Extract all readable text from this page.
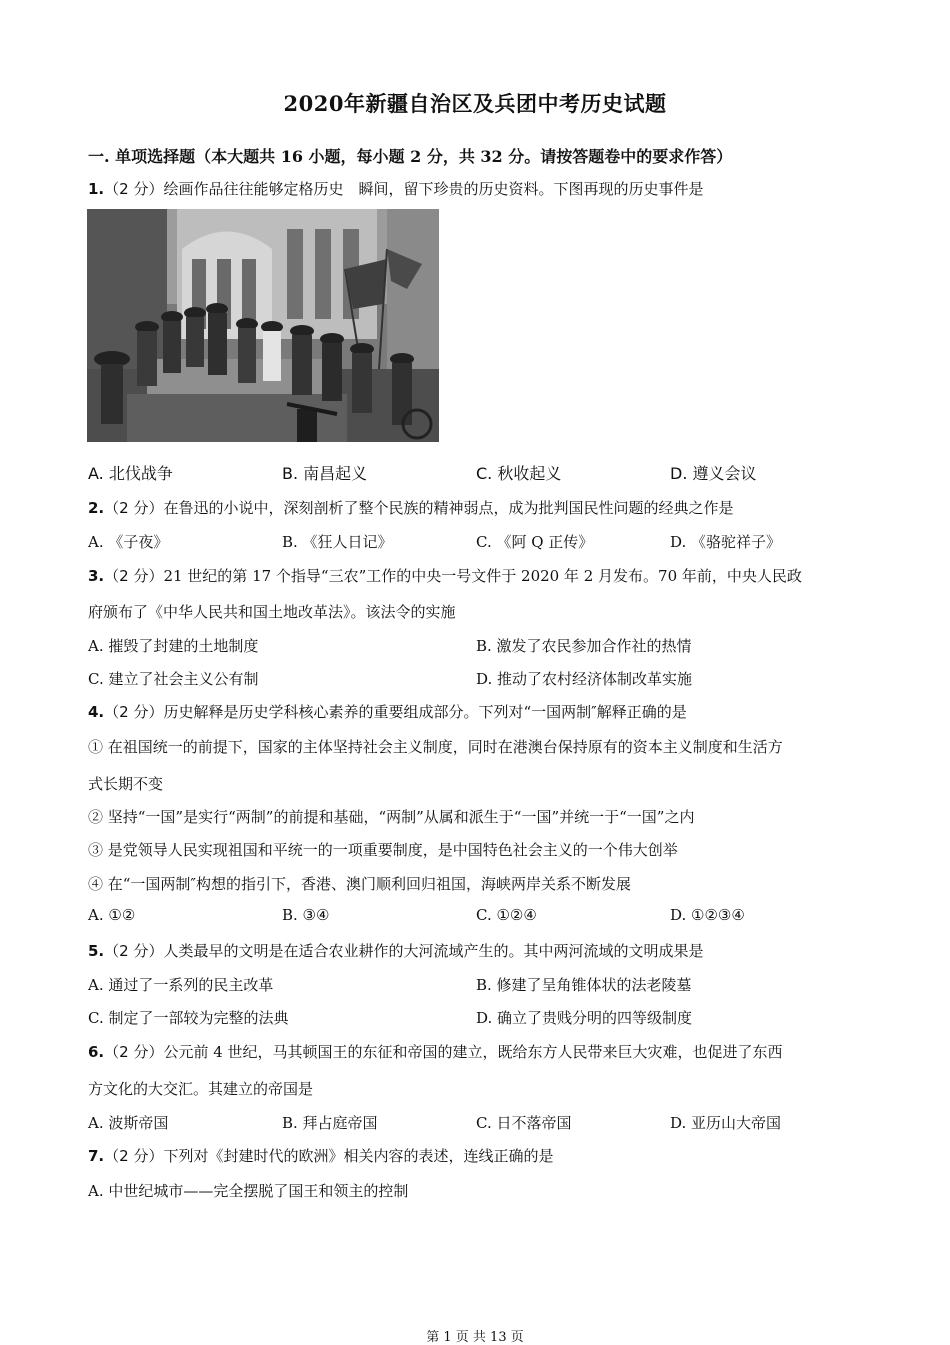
2020年新疆自治区及兵团中考历史试题
一. 单项选择题（本大题共 16 小题，每小题 2 分，共 32 分。请按答题卷中的要求作答）
1.（2 分）绘画作品往往能够定格历史　瞬间，留下珍贵的历史资料。下图再现的历史事件是
A. 北伐战争	B. 南昌起义	C. 秋收起义	D. 遵义会议
2.（2 分）在鲁迅的小说中，深刻剖析了整个民族的精神弱点，成为批判国民性问题的经典之作是
A. 《子夜》	B. 《狂人日记》	C. 《阿 Q 正传》	D. 《骆驼祥子》
3.（2 分）21 世纪的第 17 个指导“三农”工作的中央一号文件于 2020 年 2 月发布。70 年前，中央人民政
府颁布了《中华人民共和国土地改革法》。该法令的实施
A. 摧毁了封建的土地制度	B. 激发了农民参加合作社的热情
C. 建立了社会主义公有制	D. 推动了农村经济体制改革实施
4.（2 分）历史解释是历史学科核心素养的重要组成部分。下列对“一国两制″解释正确的是
① 在祖国统一的前提下，国家的主体坚持社会主义制度，同时在港澳台保持原有的资本主义制度和生活方
式长期不变
② 坚持“一国”是实行“两制”的前提和基础，“两制”从属和派生于“一国”并统一于“一国”之内
③ 是党领导人民实现祖国和平统一的一项重要制度，是中国特色社会主义的一个伟大创举
④ 在“一国两制″构想的指引下，香港、澳门顺利回归祖国，海峡两岸关系不断发展
A. ①②	B. ③④	C. ①②④	D. ①②③④
5.（2 分）人类最早的文明是在适合农业耕作的大河流域产生的。其中两河流域的文明成果是
A. 通过了一系列的民主改革	B. 修建了呈角锥体状的法老陵墓
C. 制定了一部较为完整的法典	D. 确立了贵贱分明的四等级制度
6.（2 分）公元前 4 世纪，马其顿国王的东征和帝国的建立，既给东方人民带来巨大灾难，也促进了东西
方文化的大交汇。其建立的帝国是
A. 波斯帝国	B. 拜占庭帝国	C. 日不落帝国	D. 亚历山大帝国
7.（2 分）下列对《封建时代的欧洲》相关内容的表述，连线正确的是
A. 中世纪城市——完全摆脱了国王和领主的控制
第 1 页 共 13 页
